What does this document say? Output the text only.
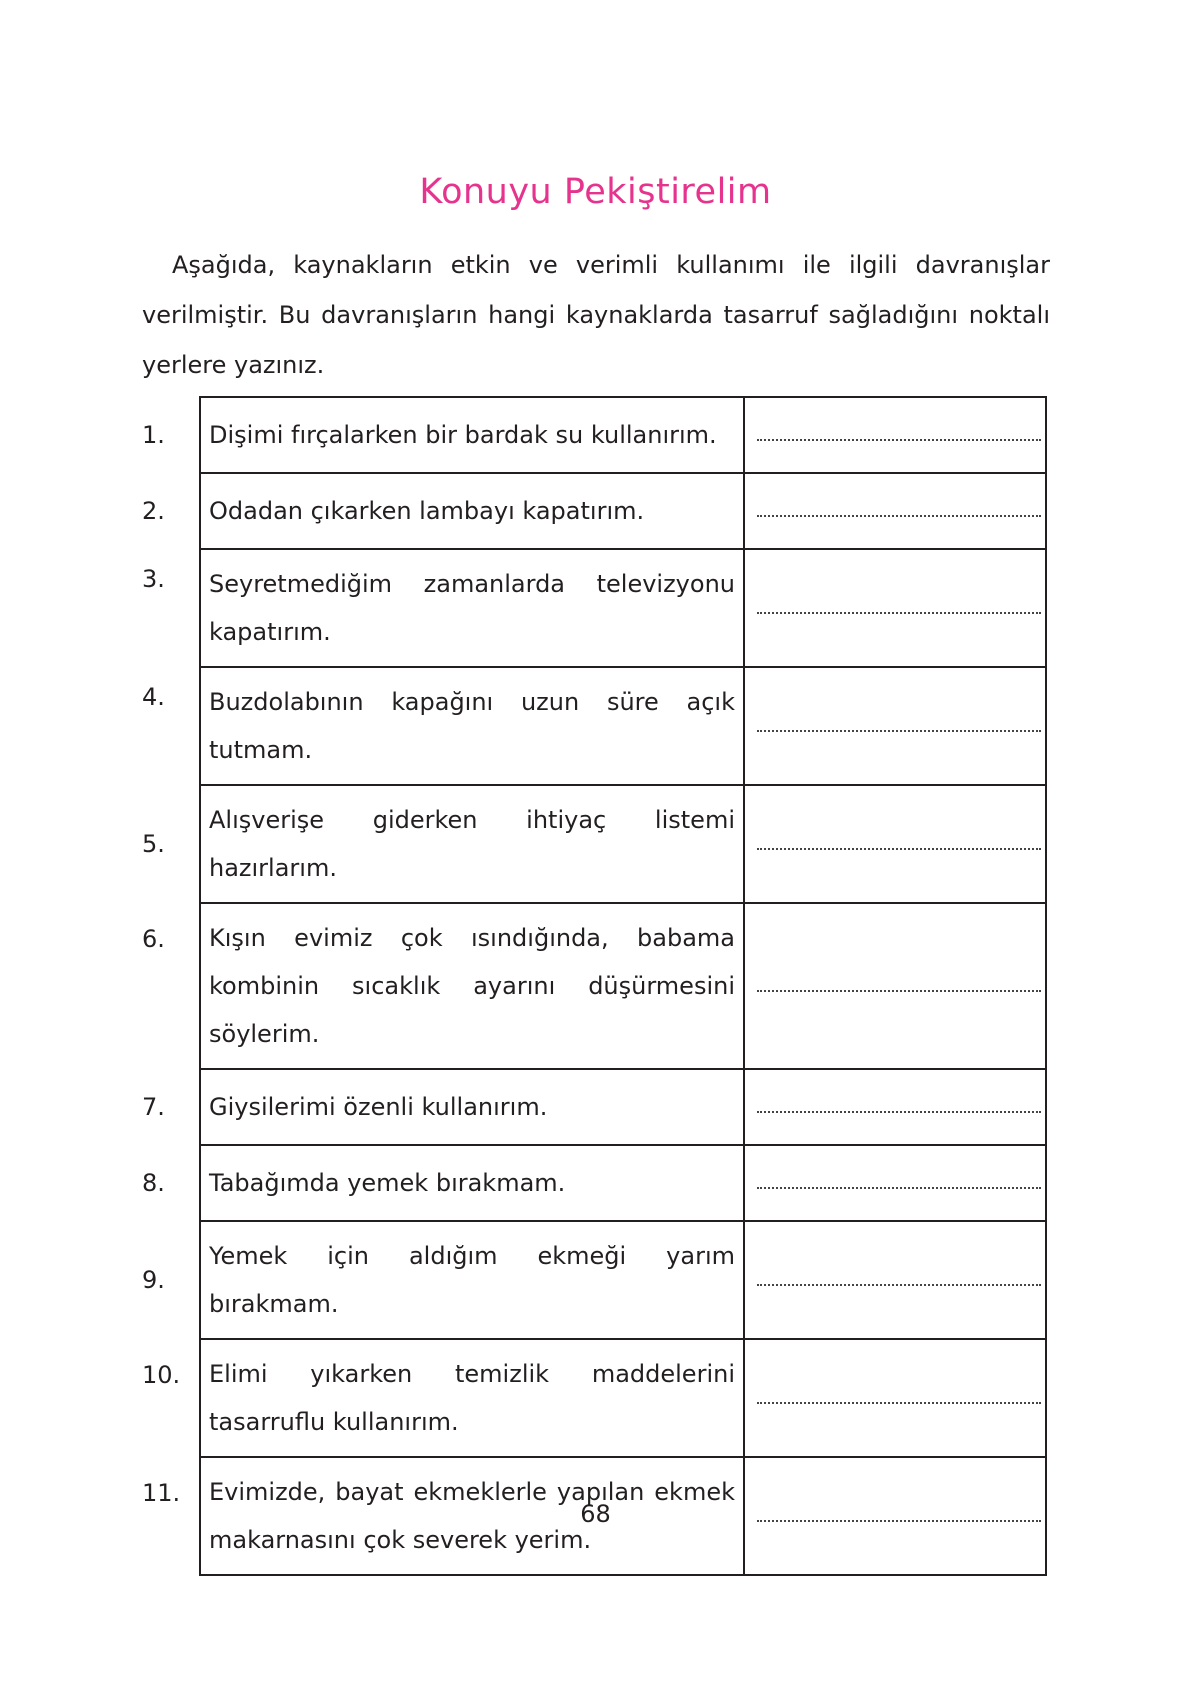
Konuyu Pekiştirelim

Aşağıda, kaynakların etkin ve verimli kullanımı ile ilgili davranışlar verilmiştir. Bu davranışların hangi kaynaklarda tasarruf sağladığını noktalı yerlere yazınız.

1.	Dişimi fırçalarken bir bardak su kullanırım.	

2.	Odadan çıkarken lambayı kapatırım.	

3.	Seyretmediğim zamanlarda televizyonu kapatırım.	

4.	Buzdolabının kapağını uzun süre açık tutmam.	

5.	Alışverişe giderken ihtiyaç listemi hazırlarım.	

6.	Kışın evimiz çok ısındığında, babama kombinin sıcaklık ayarını düşürmesini söylerim.	

7.	Giysilerimi özenli kullanırım.	

8.	Tabağımda yemek bırakmam.	

9.	Yemek için aldığım ekmeği yarım bırakmam.	

10.	Elimi yıkarken temizlik maddelerini tasarruflu kullanırım.	

11.	Evimizde, bayat ekmeklerle yapılan ekmek makarnasını çok severek yerim.	

68
